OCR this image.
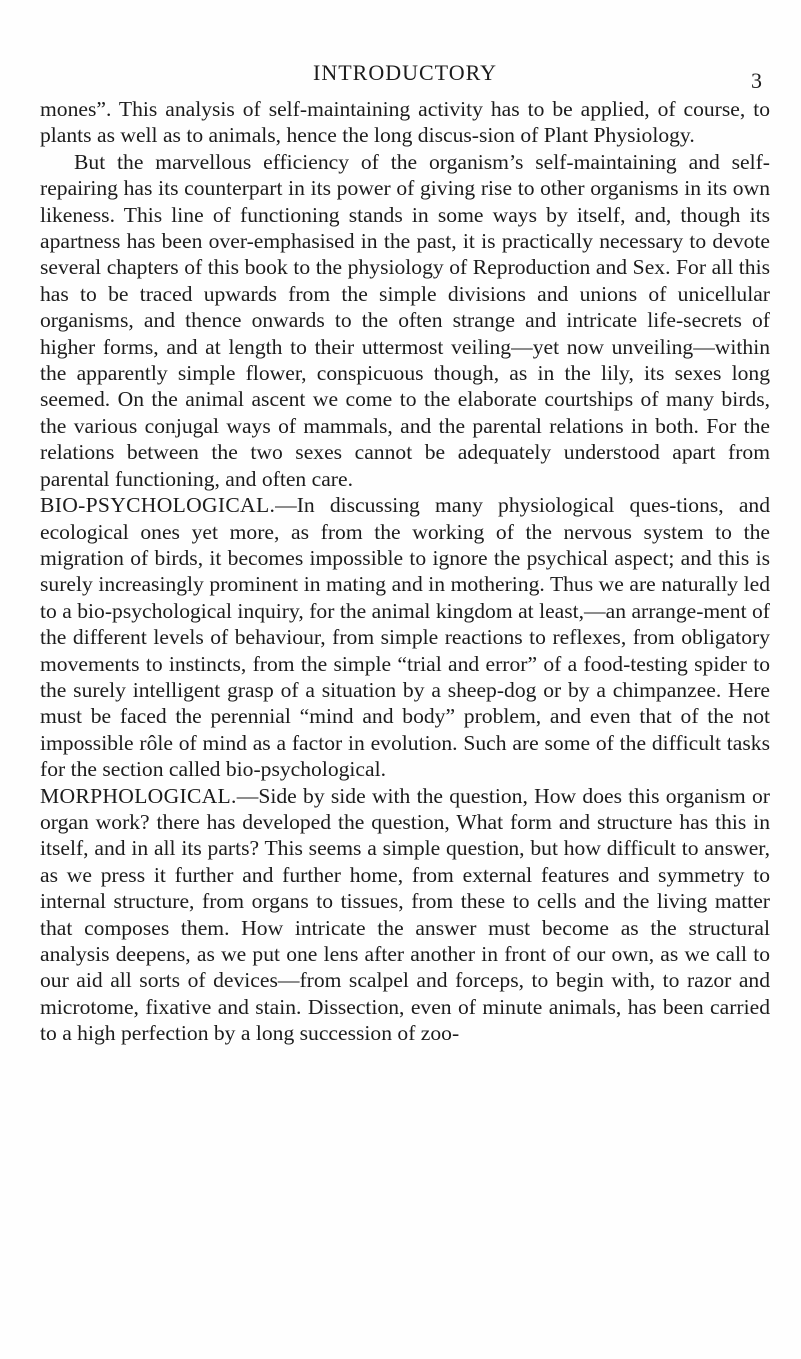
INTRODUCTORY	3

mones”. This analysis of self-maintaining activity has to be applied, of course, to plants as well as to animals, hence the long discus-sion of Plant Physiology.

But the marvellous efficiency of the organism’s self-maintaining and self-repairing has its counterpart in its power of giving rise to other organisms in its own likeness. This line of functioning stands in some ways by itself, and, though its apartness has been over-emphasised in the past, it is practically necessary to devote several chapters of this book to the physiology of Reproduction and Sex. For all this has to be traced upwards from the simple divisions and unions of unicellular organisms, and thence onwards to the often strange and intricate life-secrets of higher forms, and at length to their uttermost veiling—yet now unveiling—within the apparently simple flower, conspicuous though, as in the lily, its sexes long seemed. On the animal ascent we come to the elaborate courtships of many birds, the various conjugal ways of mammals, and the parental relations in both. For the relations between the two sexes cannot be adequately understood apart from parental functioning, and often care.

BIO-PSYCHOLOGICAL.—In discussing many physiological ques-tions, and ecological ones yet more, as from the working of the nervous system to the migration of birds, it becomes impossible to ignore the psychical aspect; and this is surely increasingly prominent in mating and in mothering. Thus we are naturally led to a bio-psychological inquiry, for the animal kingdom at least,—an arrange-ment of the different levels of behaviour, from simple reactions to reflexes, from obligatory movements to instincts, from the simple “trial and error” of a food-testing spider to the surely intelligent grasp of a situation by a sheep-dog or by a chimpanzee. Here must be faced the perennial “mind and body” problem, and even that of the not impossible rôle of mind as a factor in evolution. Such are some of the difficult tasks for the section called bio-psychological.

MORPHOLOGICAL.—Side by side with the question, How does this organism or organ work? there has developed the question, What form and structure has this in itself, and in all its parts? This seems a simple question, but how difficult to answer, as we press it further and further home, from external features and symmetry to internal structure, from organs to tissues, from these to cells and the living matter that composes them. How intricate the answer must become as the structural analysis deepens, as we put one lens after another in front of our own, as we call to our aid all sorts of devices—from scalpel and forceps, to begin with, to razor and microtome, fixative and stain. Dissection, even of minute animals, has been carried to a high perfection by a long succession of zoo-
